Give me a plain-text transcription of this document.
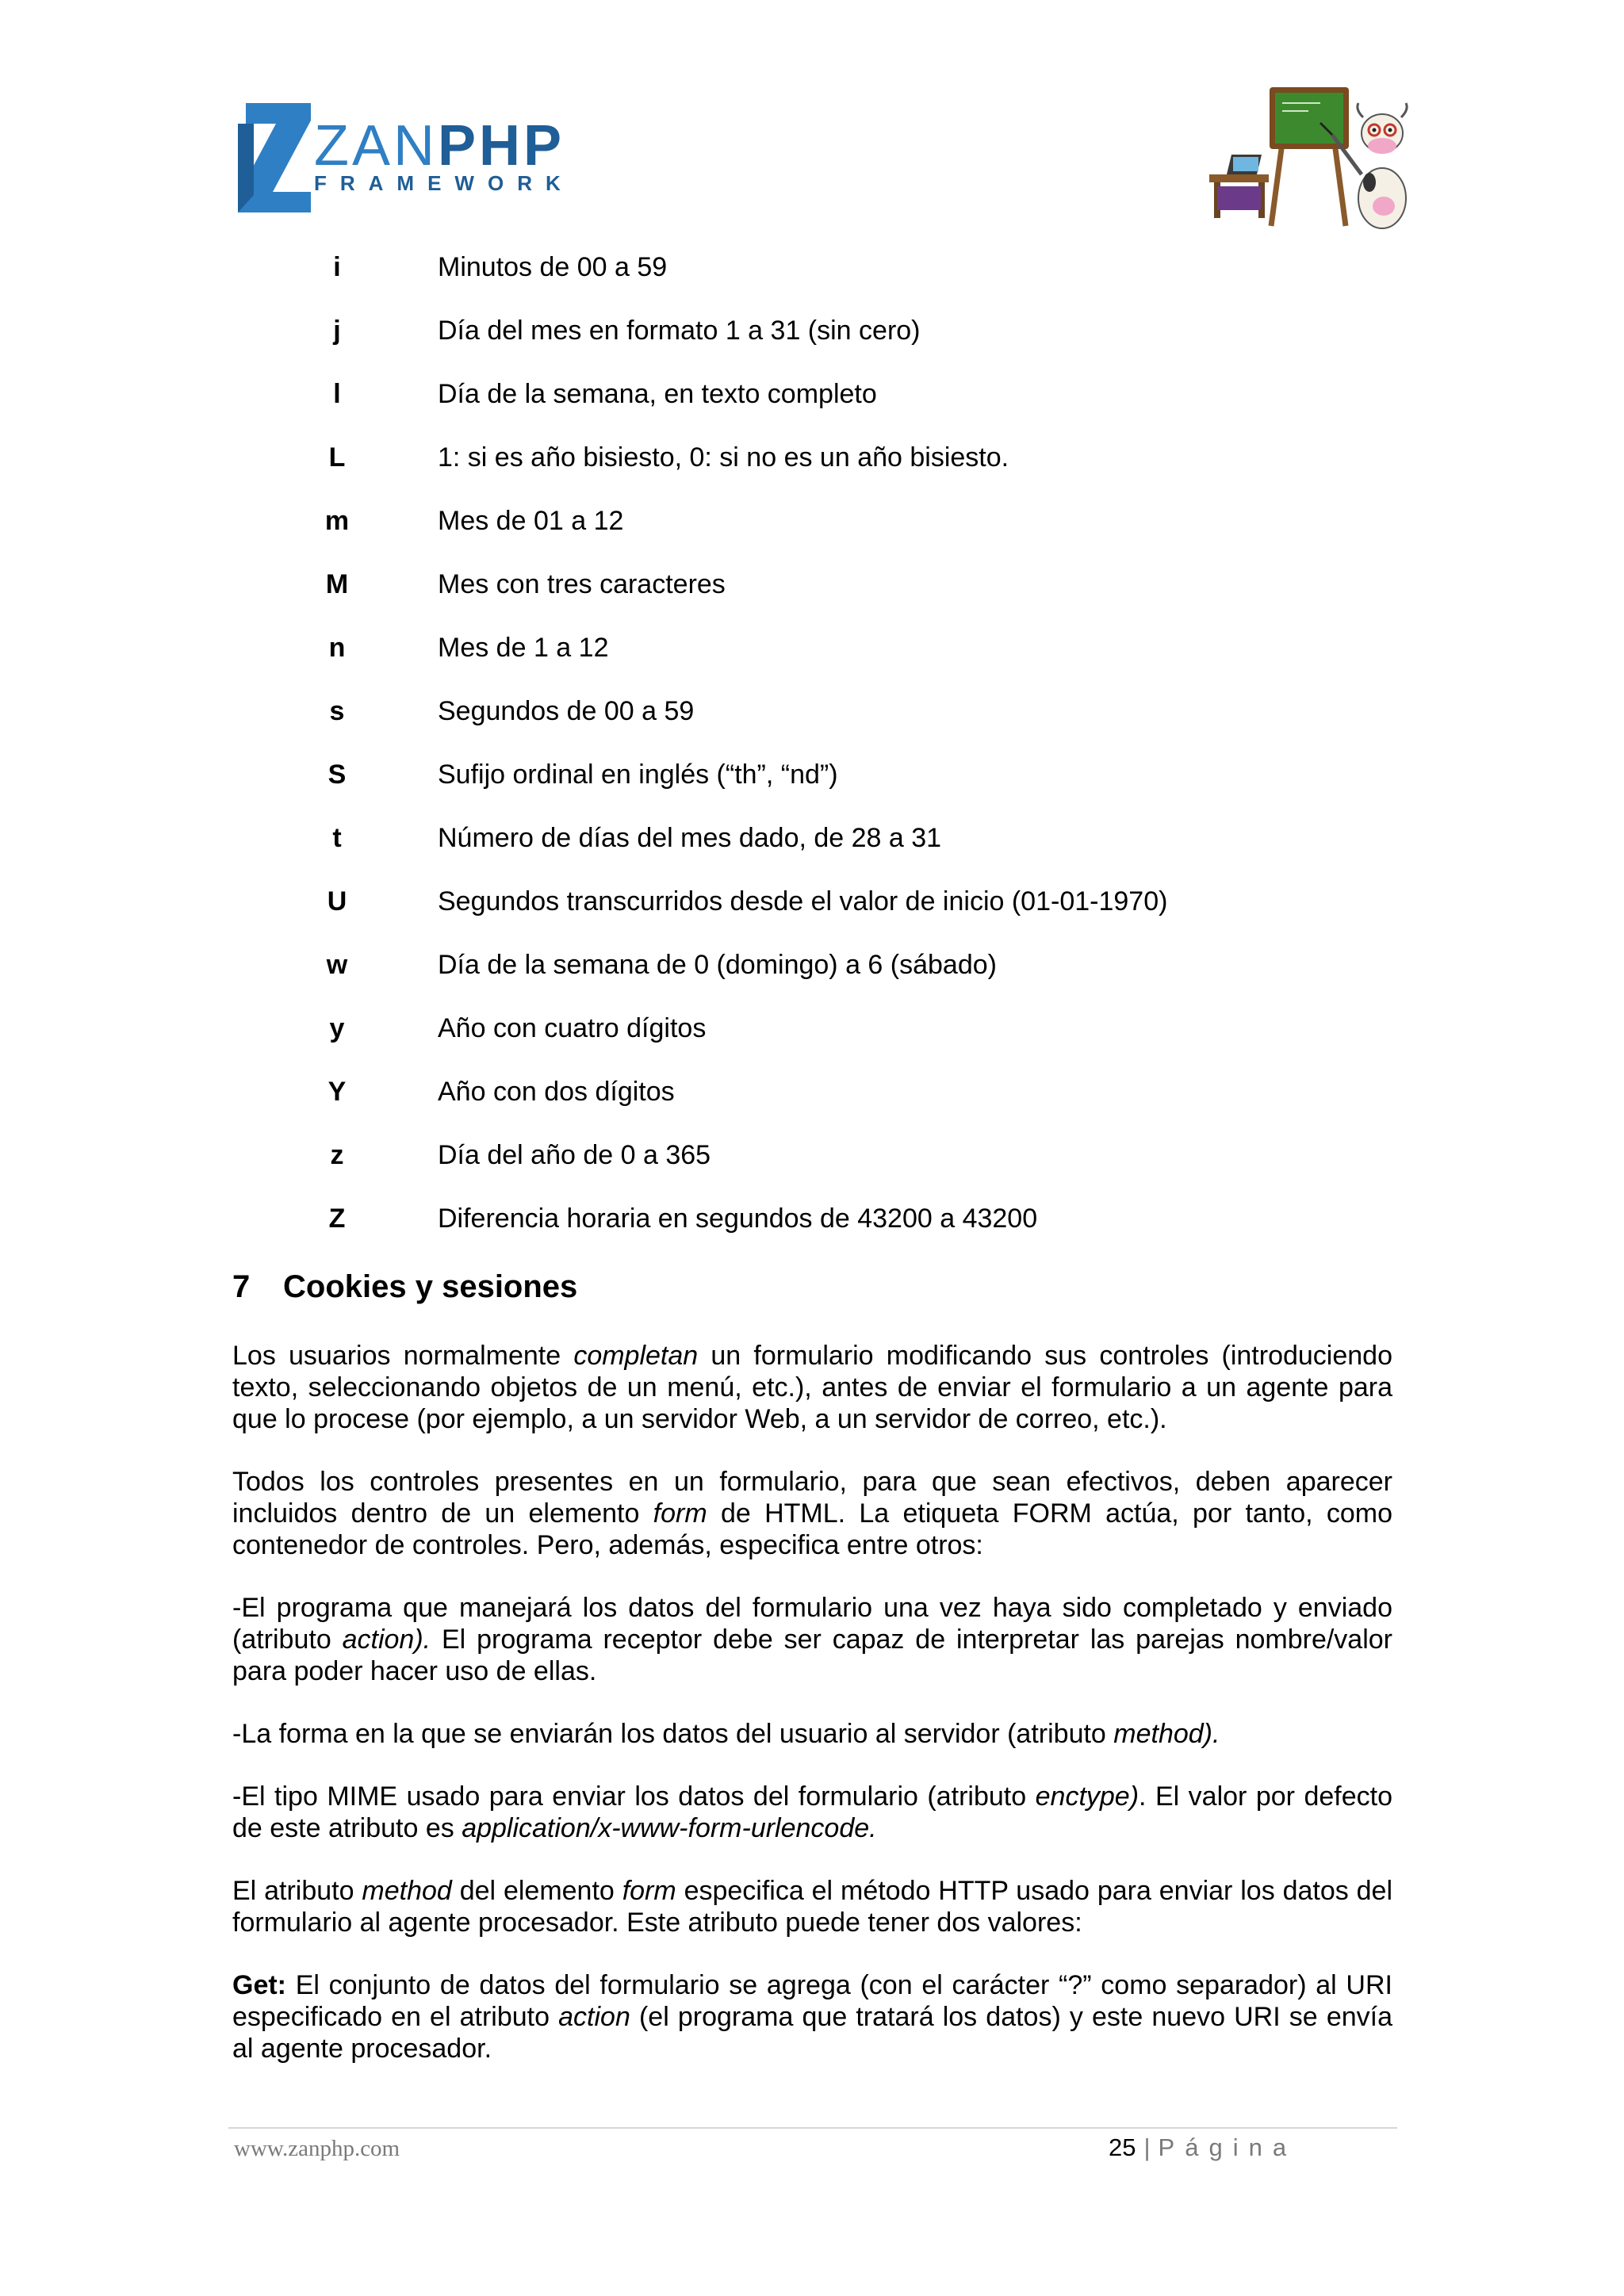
ZANPHP
FRAMEWORK
i	Minutos de 00 a 59
j	Día del mes en formato 1 a 31 (sin cero)
l	Día de la semana, en texto completo
L	1: si es año bisiesto, 0: si no es un año bisiesto.
m	Mes de 01 a 12
M	Mes con tres caracteres
n	Mes de 1 a 12
s	Segundos de 00 a 59
S	Sufijo ordinal en inglés (“th”, “nd”)
t	Número de días del mes dado, de 28 a 31
U	Segundos transcurridos desde el valor de inicio (01-01-1970)
w	Día de la semana de 0 (domingo) a 6 (sábado)
y	Año con cuatro dígitos
Y	Año con dos dígitos
z	Día del año de 0 a 365
Z	Diferencia horaria en segundos de 43200 a 43200
7 Cookies y sesiones
Los usuarios normalmente completan un formulario modificando sus controles (introduciendo texto, seleccionando objetos de un menú, etc.), antes de enviar el formulario a un agente para que lo procese (por ejemplo, a un servidor Web, a un servidor de correo, etc.).
Todos los controles presentes en un formulario, para que sean efectivos, deben aparecer incluidos dentro de un elemento form de HTML. La etiqueta FORM actúa, por tanto, como contenedor de controles. Pero, además, especifica entre otros:
-El programa que manejará los datos del formulario una vez haya sido completado y enviado (atributo action). El programa receptor debe ser capaz de interpretar las parejas nombre/valor para poder hacer uso de ellas.
-La forma en la que se enviarán los datos del usuario al servidor (atributo method).
-El tipo MIME usado para enviar los datos del formulario (atributo enctype). El valor por defecto de este atributo es application/x-www-form-urlencode.
El atributo method del elemento form especifica el método HTTP usado para enviar los datos del formulario al agente procesador. Este atributo puede tener dos valores:
Get: El conjunto de datos del formulario se agrega (con el carácter “?” como separador) al URI especificado en el atributo action (el programa que tratará los datos) y este nuevo URI se envía al agente procesador.
www.zanphp.com	25 | Página
